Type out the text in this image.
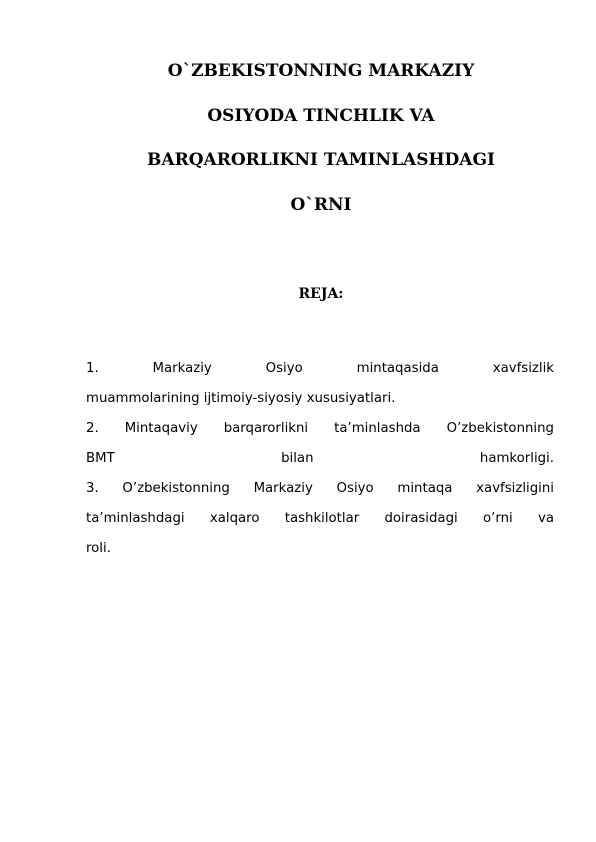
O`ZBEKISTONNING MARKAZIY
OSIYODA TINCHLIK VA
BARQARORLIKNI TAMINLASHDAGI
O`RNI
REJA:
1. Markaziy Osiyo mintaqasida xavfsizlik
muammolarining ijtimoiy-siyosiy xususiyatlari.
2. Mintaqaviy barqarorlikni ta’minlashda O’zbekistonning
BMT bilan hamkorligi.
3. O’zbekistonning Markaziy Osiyo mintaqa xavfsizligini
ta’minlashdagi xalqaro tashkilotlar doirasidagi o’rni va
roli.
